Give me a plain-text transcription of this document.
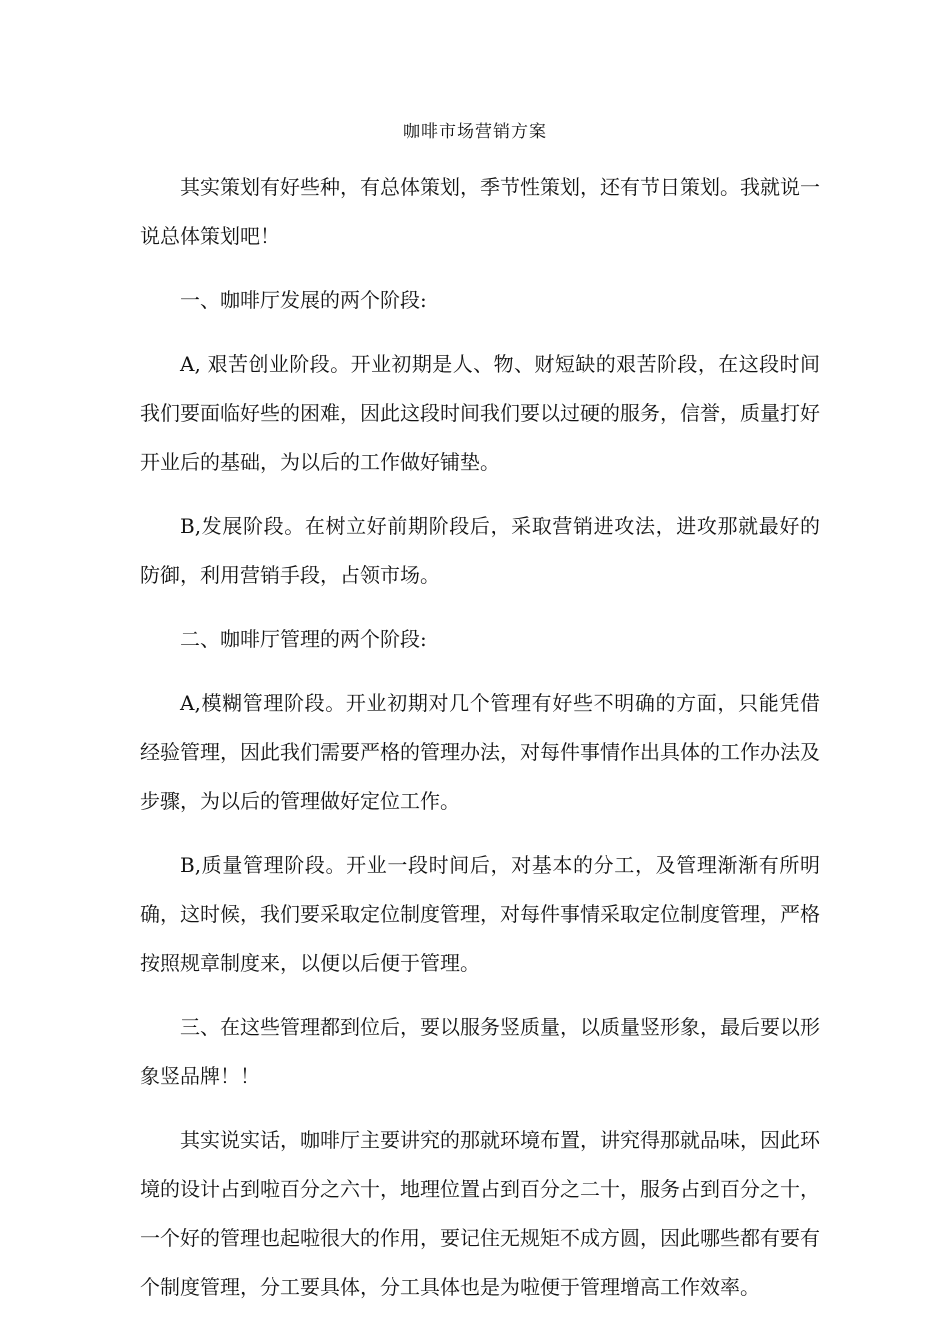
咖啡市场营销方案

其实策划有好些种，有总体策划，季节性策划，还有节日策划。我就说一说总体策划吧！

一、咖啡厅发展的两个阶段:

A, 艰苦创业阶段。开业初期是人、物、财短缺的艰苦阶段，在这段时间我们要面临好些的困难，因此这段时间我们要以过硬的服务，信誉，质量打好开业后的基础，为以后的工作做好铺垫。

B,发展阶段。在树立好前期阶段后，采取营销进攻法，进攻那就最好的防御，利用营销手段，占领市场。

二、咖啡厅管理的两个阶段:

A,模糊管理阶段。开业初期对几个管理有好些不明确的方面，只能凭借经验管理，因此我们需要严格的管理办法，对每件事情作出具体的工作办法及步骤，为以后的管理做好定位工作。

B,质量管理阶段。开业一段时间后，对基本的分工，及管理渐渐有所明确，这时候，我们要采取定位制度管理，对每件事情采取定位制度管理，严格按照规章制度来，以便以后便于管理。

三、在这些管理都到位后，要以服务竖质量，以质量竖形象，最后要以形象竖品牌！！

其实说实话，咖啡厅主要讲究的那就环境布置，讲究得那就品味，因此环境的设计占到啦百分之六十，地理位置占到百分之二十，服务占到百分之十，一个好的管理也起啦很大的作用，要记住无规矩不成方圆，因此哪些都有要有个制度管理，分工要具体，分工具体也是为啦便于管理增高工作效率。
